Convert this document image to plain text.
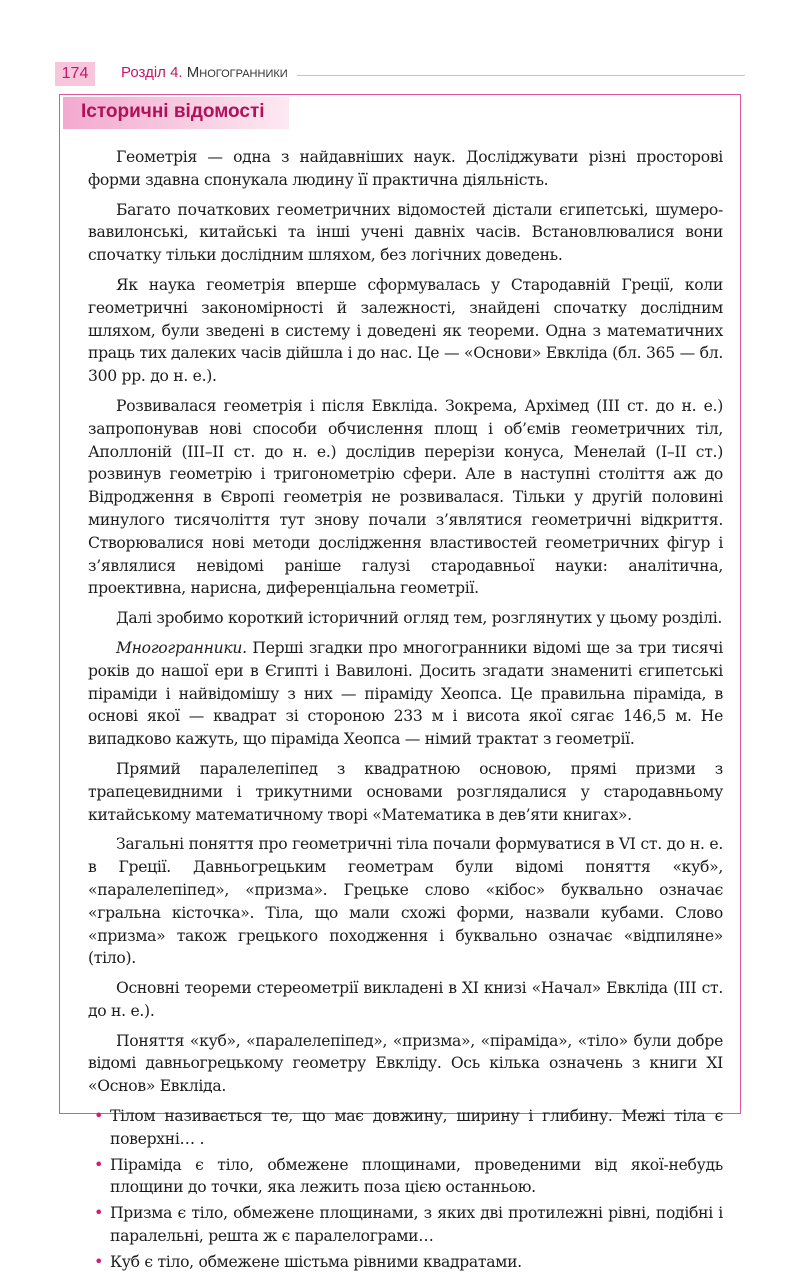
174	Розділ 4. Многогранники
Історичні відомості

Геометрія — одна з найдавніших наук. Досліджувати різні просторові форми здавна спонукала людину її практична діяльність.

Багато початкових геометричних відомостей дістали єгипетські, шумеро-вавилонські, китайські та інші учені давніх часів. Встановлювалися вони спочатку тільки дослідним шляхом, без логічних доведень.

Як наука геометрія вперше сформувалась у Стародавній Греції, коли геометричні закономірності й залежності, знайдені спочатку дослідним шляхом, були зведені в систему і доведені як теореми. Одна з математичних праць тих далеких часів дійшла і до нас. Це — «Основи» Евкліда (бл. 365 — бл. 300 рр. до н. е.).

Розвивалася геометрія і після Евкліда. Зокрема, Архімед (III ст. до н. е.) запропонував нові способи обчислення площ і об’ємів геометричних тіл, Аполлоній (III–II ст. до н. е.) дослідив перерізи конуса, Менелай (I–II ст.) розвинув геометрію і тригонометрію сфери. Але в наступні століття аж до Відродження в Європі геометрія не розвивалася. Тільки у другій половині минулого тисячоліття тут знову почали з’являтися геометричні відкриття. Створювалися нові методи дослідження властивостей геометричних фігур і з’являлися невідомі раніше галузі стародавньої науки: аналітична, проективна, нарисна, диференціальна геометрії.

Далі зробимо короткий історичний огляд тем, розглянутих у цьому розділі.

Многогранники. Перші згадки про многогранники відомі ще за три тисячі років до нашої ери в Єгипті і Вавилоні. Досить згадати знамениті єгипетські піраміди і найвідомішу з них — піраміду Хеопса. Це правильна піраміда, в основі якої — квадрат зі стороною 233 м і висота якої сягає 146,5 м. Не випадково кажуть, що піраміда Хеопса — німий трактат з геометрії.

Прямий паралелепіпед з квадратною основою, прямі призми з трапецевидними і трикутними основами розглядалися у стародавньому китайському математичному творі «Математика в дев’яти книгах».

Загальні поняття про геометричні тіла почали формуватися в VI ст. до н. е. в Греції. Давньогрецьким геометрам були відомі поняття «куб», «паралелепіпед», «призма». Грецьке слово «кібос» буквально означає «гральна кісточка». Тіла, що мали схожі форми, назвали кубами. Слово «призма» також грецького походження і буквально означає «відпиляне» (тіло).

Основні теореми стереометрії викладені в XI книзі «Начал» Евкліда (III ст. до н. е.).

Поняття «куб», «паралелепіпед», «призма», «піраміда», «тіло» були добре відомі давньогрецькому геометру Евкліду. Ось кілька означень з книги XI «Основ» Евкліда.

• Тілом називається те, що має довжину, ширину і глибину. Межі тіла є поверхні… .
• Піраміда є тіло, обмежене площинами, проведеними від якої-небудь площини до точки, яка лежить поза цією останньою.
• Призма є тіло, обмежене площинами, з яких дві протилежні рівні, подібні і паралельні, решта ж є паралелограми…
• Куб є тіло, обмежене шістьма рівними квадратами.
